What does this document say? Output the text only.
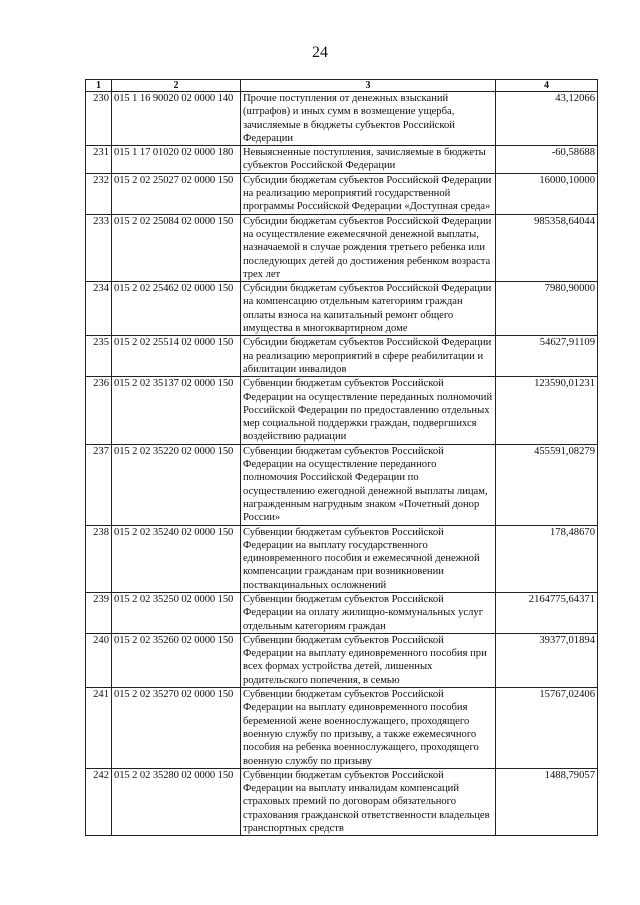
24
1	2	3	4
230	015 1 16 90020 02 0000 140	Прочие поступления от денежных взысканий (штрафов) и иных сумм в возмещение ущерба, зачисляемые в бюджеты субъектов Российской Федерации	43,12066
231	015 1 17 01020 02 0000 180	Невыясненные поступления, зачисляемые в бюджеты субъектов Российской Федерации	-60,58688
232	015 2 02 25027 02 0000 150	Субсидии бюджетам субъектов Российской Федерации на реализацию мероприятий государственной программы Российской Федерации «Доступная среда»	16000,10000
233	015 2 02 25084 02 0000 150	Субсидии бюджетам субъектов Российской Федерации на осуществление ежемесячной денежной выплаты, назначаемой в случае рождения третьего ребенка или последующих детей до достижения ребенком возраста трех лет	985358,64044
234	015 2 02 25462 02 0000 150	Субсидии бюджетам субъектов Российской Федерации на компенсацию отдельным категориям граждан оплаты взноса на капитальный ремонт общего имущества в многоквартирном доме	7980,90000
235	015 2 02 25514 02 0000 150	Субсидии бюджетам субъектов Российской Федерации на реализацию мероприятий в сфере реабилитации и абилитации инвалидов	54627,91109
236	015 2 02 35137 02 0000 150	Субвенции бюджетам субъектов Российской Федерации на осуществление переданных полномочий Российской Федерации по предоставлению отдельных мер социальной поддержки граждан, подвергшихся воздействию радиации	123590,01231
237	015 2 02 35220 02 0000 150	Субвенции бюджетам субъектов Российской Федерации на осуществление переданного полномочия Российской Федерации по осуществлению ежегодной денежной выплаты лицам, награжденным нагрудным знаком «Почетный донор России»	455591,08279
238	015 2 02 35240 02 0000 150	Субвенции бюджетам субъектов Российской Федерации на выплату государственного единовременного пособия и ежемесячной денежной компенсации гражданам при возникновении поствакцинальных осложнений	178,48670
239	015 2 02 35250 02 0000 150	Субвенции бюджетам субъектов Российской Федерации на оплату жилищно-коммунальных услуг отдельным категориям граждан	2164775,64371
240	015 2 02 35260 02 0000 150	Субвенции бюджетам субъектов Российской Федерации на выплату единовременного пособия при всех формах устройства детей, лишенных родительского попечения, в семью	39377,01894
241	015 2 02 35270 02 0000 150	Субвенции бюджетам субъектов Российской Федерации на выплату единовременного пособия беременной жене военнослужащего, проходящего военную службу по призыву, а также ежемесячного пособия на ребенка военнослужащего, проходящего военную службу по призыву	15767,02406
242	015 2 02 35280 02 0000 150	Субвенции бюджетам субъектов Российской Федерации на выплату инвалидам компенсаций страховых премий по договорам обязательного страхования гражданской ответственности владельцев транспортных средств	1488,79057
